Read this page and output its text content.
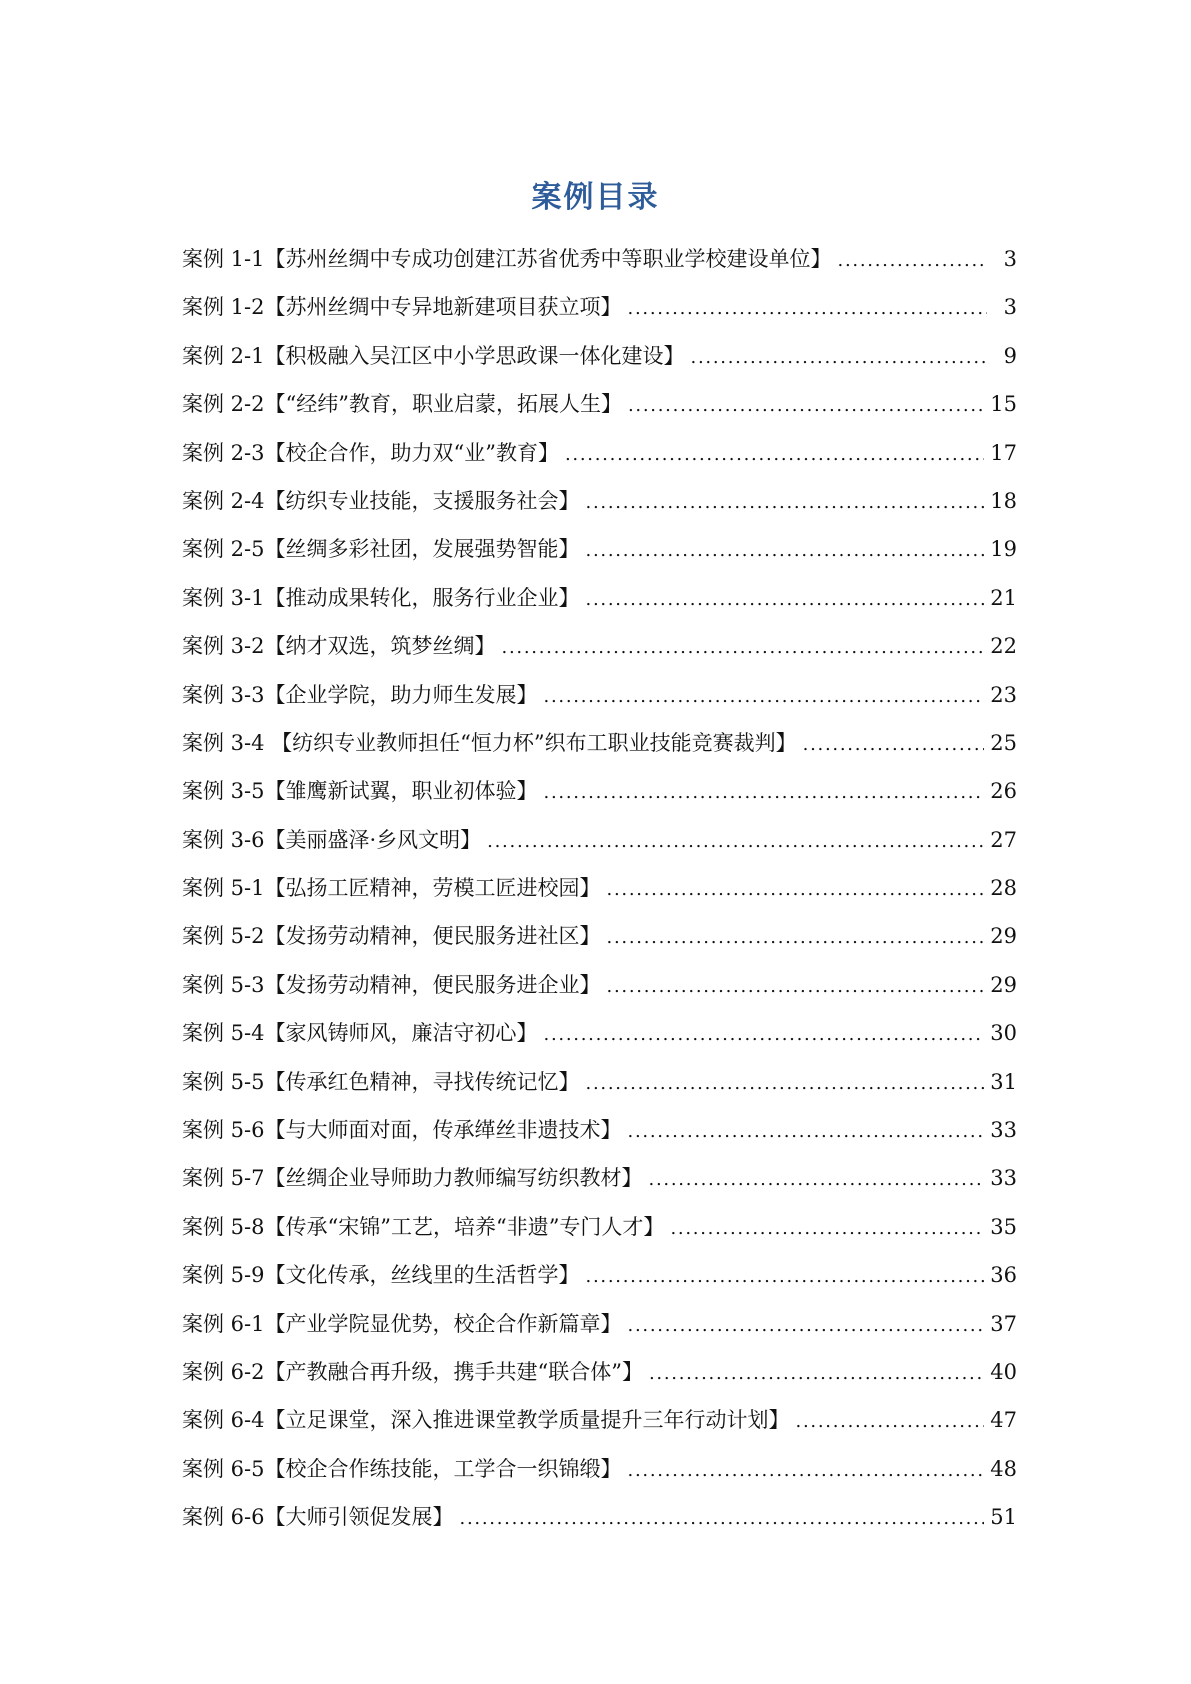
案例目录
案例 1-1【苏州丝绸中专成功创建江苏省优秀中等职业学校建设单位】 . . .	3
案例 1-2【苏州丝绸中专异地新建项目获立项】 . . .	3
案例 2-1【积极融入吴江区中小学思政课一体化建设】 . . .	9
案例 2-2【“经纬”教育，职业启蒙，拓展人生】 . . .	15
案例 2-3【校企合作，助力双“业”教育】 . . .	17
案例 2-4【纺织专业技能，支援服务社会】 . . .	18
案例 2-5【丝绸多彩社团，发展强势智能】 . . .	19
案例 3-1【推动成果转化，服务行业企业】 . . .	21
案例 3-2【纳才双选，筑梦丝绸】 . . .	22
案例 3-3【企业学院，助力师生发展】 . . .	23
案例 3-4 【纺织专业教师担任“恒力杯”织布工职业技能竞赛裁判】 . . .	25
案例 3-5【雏鹰新试翼，职业初体验】 . . .	26
案例 3-6【美丽盛泽·乡风文明】 . . .	27
案例 5-1【弘扬工匠精神，劳模工匠进校园】 . . .	28
案例 5-2【发扬劳动精神，便民服务进社区】 . . .	29
案例 5-3【发扬劳动精神，便民服务进企业】 . . .	29
案例 5-4【家风铸师风，廉洁守初心】 . . .	30
案例 5-5【传承红色精神，寻找传统记忆】 . . .	31
案例 5-6【与大师面对面，传承缂丝非遗技术】 . . .	33
案例 5-7【丝绸企业导师助力教师编写纺织教材】 . . .	33
案例 5-8【传承“宋锦”工艺，培养“非遗”专门人才】 . . .	35
案例 5-9【文化传承，丝线里的生活哲学】 . . .	36
案例 6-1【产业学院显优势，校企合作新篇章】 . . .	37
案例 6-2【产教融合再升级，携手共建“联合体”】 . . .	40
案例 6-4【立足课堂，深入推进课堂教学质量提升三年行动计划】 . . .	47
案例 6-5【校企合作练技能，工学合一织锦缎】 . . .	48
案例 6-6【大师引领促发展】 . . .	51
